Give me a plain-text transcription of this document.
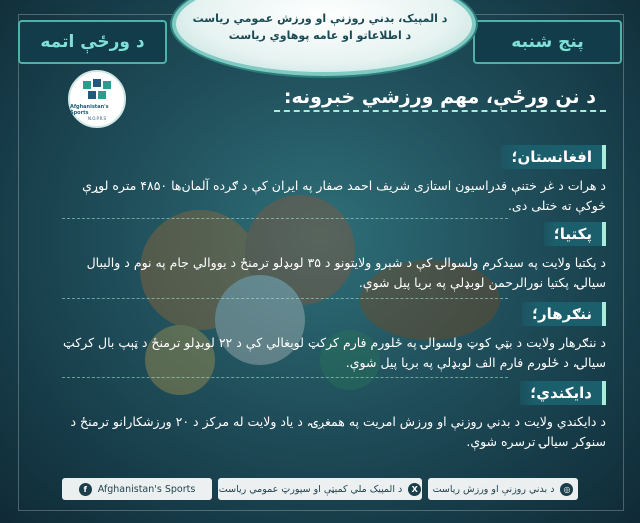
د ورځې اتمه	پنج شنبه
د المپیک، بدني روزنې او ورزش عمومي ریاست
د اطلاعاتو او عامه پوهاوي ریاست
Afghanistan's Sports
N.O.P.R.S
د نن ورځې، مهم ورزشي خبرونه:
افغانستان؛
د هرات د غر ختنې فدراسیون استازی شریف احمد صفار په ایران کې د ګرده آلمان‌ها ۴۸۵۰ متره لوړې څوکې ته ختلی دی.
پکتیا؛
د پکتیا ولایت په سیدکرم ولسوالۍ کې د شېرو ولایتونو د ۳۵ لوبډلو ترمنځ د یووالي جام په نوم د والیبال سیالۍ، پکتیا نورالرحمن لوبډلې په بریا پیل شوې.
ننګرهار؛
د ننګرهار ولایت د بټي کوټ ولسوالۍ په ځلورم فارم کرکټ لوبغالي کې د ۲۲ لوبډلو ترمنځ د ټېپ بال کرکټ سیالۍ، د ځلورم فارم الف لوبډلې په بریا پیل شوې.
دایکندي؛
د دایکندي ولایت د بدني روزنې او ورزش امریت په همغږۍ، د یاد ولایت له مرکز د ۲۰ ورزشکارانو ترمنځ د سنوکر سیالۍ ترسره شوې.
f	Afghanistan's Sports	X
د المپیک ملي کمېټې او سپورټ عمومي ریاست	◎
د بدني روزنې او ورزش ریاست
